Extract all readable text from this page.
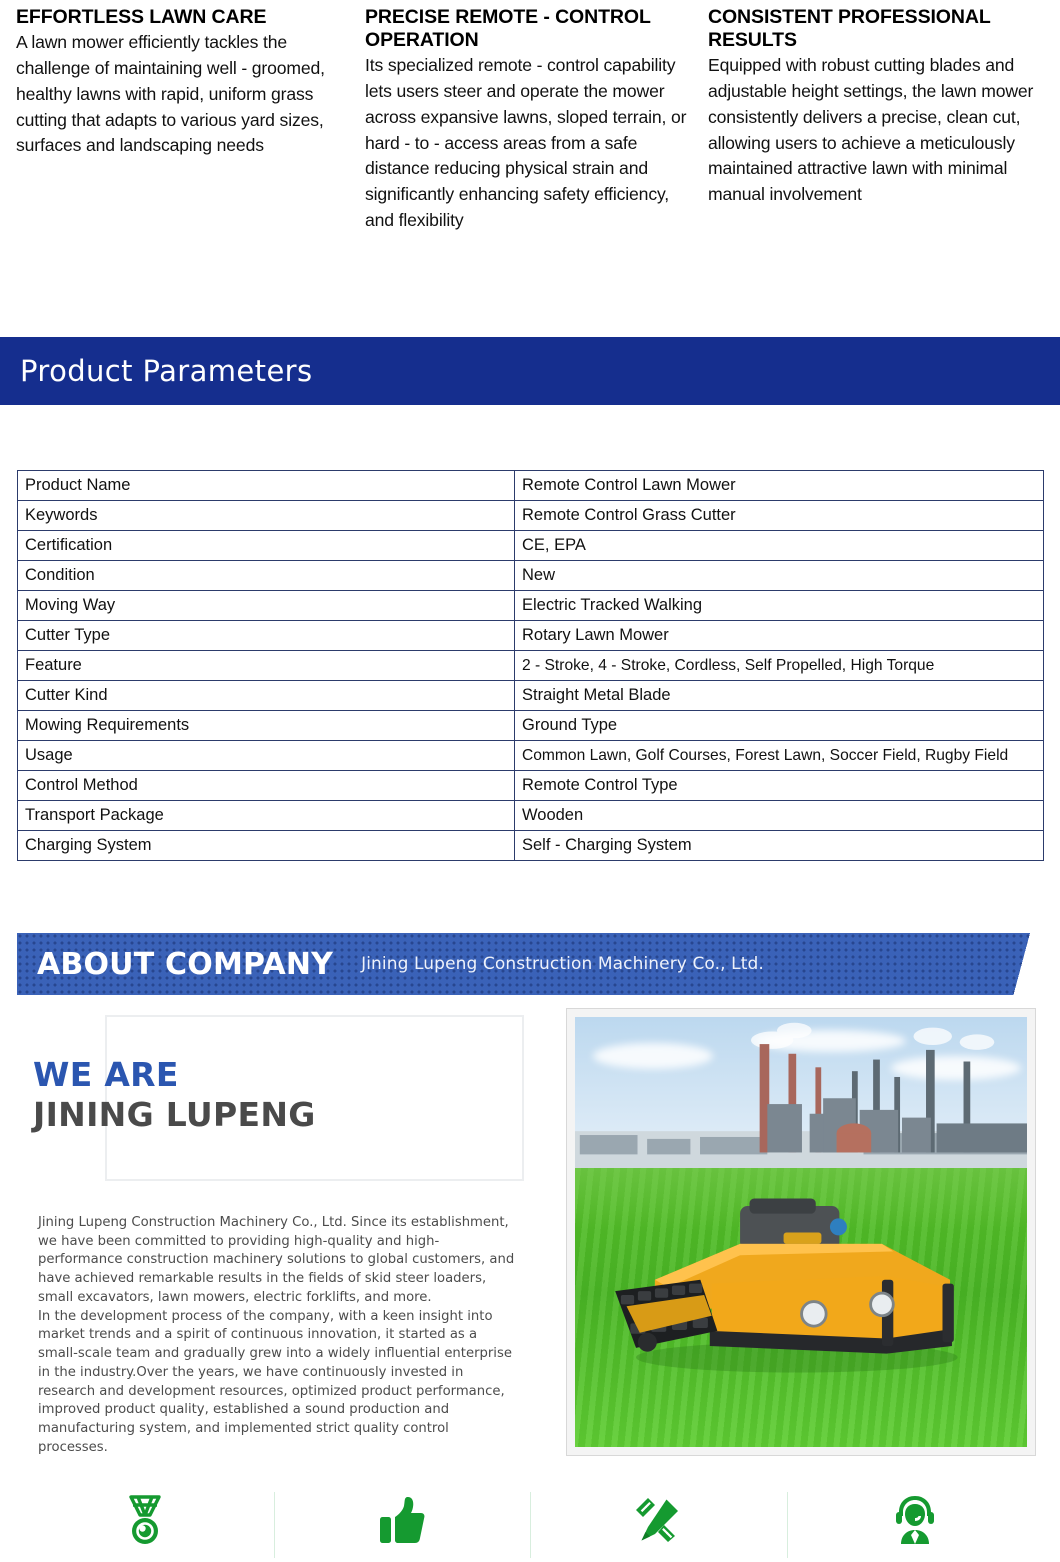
EFFORTLESS LAWN CARE
A lawn mower efficiently tackles the challenge of maintaining well - groomed, healthy lawns with rapid, uniform grass cutting that adapts to various yard sizes, surfaces and landscaping needs
PRECISE REMOTE - CONTROL OPERATION
Its specialized remote - control capability lets users steer and operate the mower across expansive lawns, sloped terrain, or hard - to - access areas from a safe distance reducing physical strain and significantly enhancing safety efficiency, and flexibility
CONSISTENT PROFESSIONAL RESULTS
Equipped with robust cutting blades and adjustable height settings, the lawn mower consistently delivers a precise, clean cut, allowing users to achieve a meticulously maintained attractive lawn with minimal manual involvement
Product Parameters
Product Name	Remote Control Lawn Mower
Keywords	Remote Control Grass Cutter
Certification	CE, EPA
Condition	New
Moving Way	Electric Tracked Walking
Cutter Type	Rotary Lawn Mower
Feature	2 - Stroke, 4 - Stroke, Cordless, Self Propelled, High Torque
Cutter Kind	Straight Metal Blade
Mowing Requirements	Ground Type
Usage	Common Lawn, Golf Courses, Forest Lawn, Soccer Field, Rugby Field
Control Method	Remote Control Type
Transport Package	Wooden
Charging System	Self - Charging System
ABOUT COMPANY	Jining Lupeng Construction Machinery Co., Ltd.
WE ARE
JINING LUPENG

Jining Lupeng Construction Machinery Co., Ltd. Since its establishment, we have been committed to providing high-quality and high-performance construction machinery solutions to global customers, and have achieved remarkable results in the fields of skid steer loaders, small excavators, lawn mowers, electric forklifts, and more.

In the development process of the company, with a keen insight into market trends and a spirit of continuous innovation, it started as a small-scale team and gradually grew into a widely influential enterprise in the industry.Over the years, we have continuously invested in research and development resources, optimized product performance, improved product quality, established a sound production and manufacturing system, and implemented strict quality control processes.
